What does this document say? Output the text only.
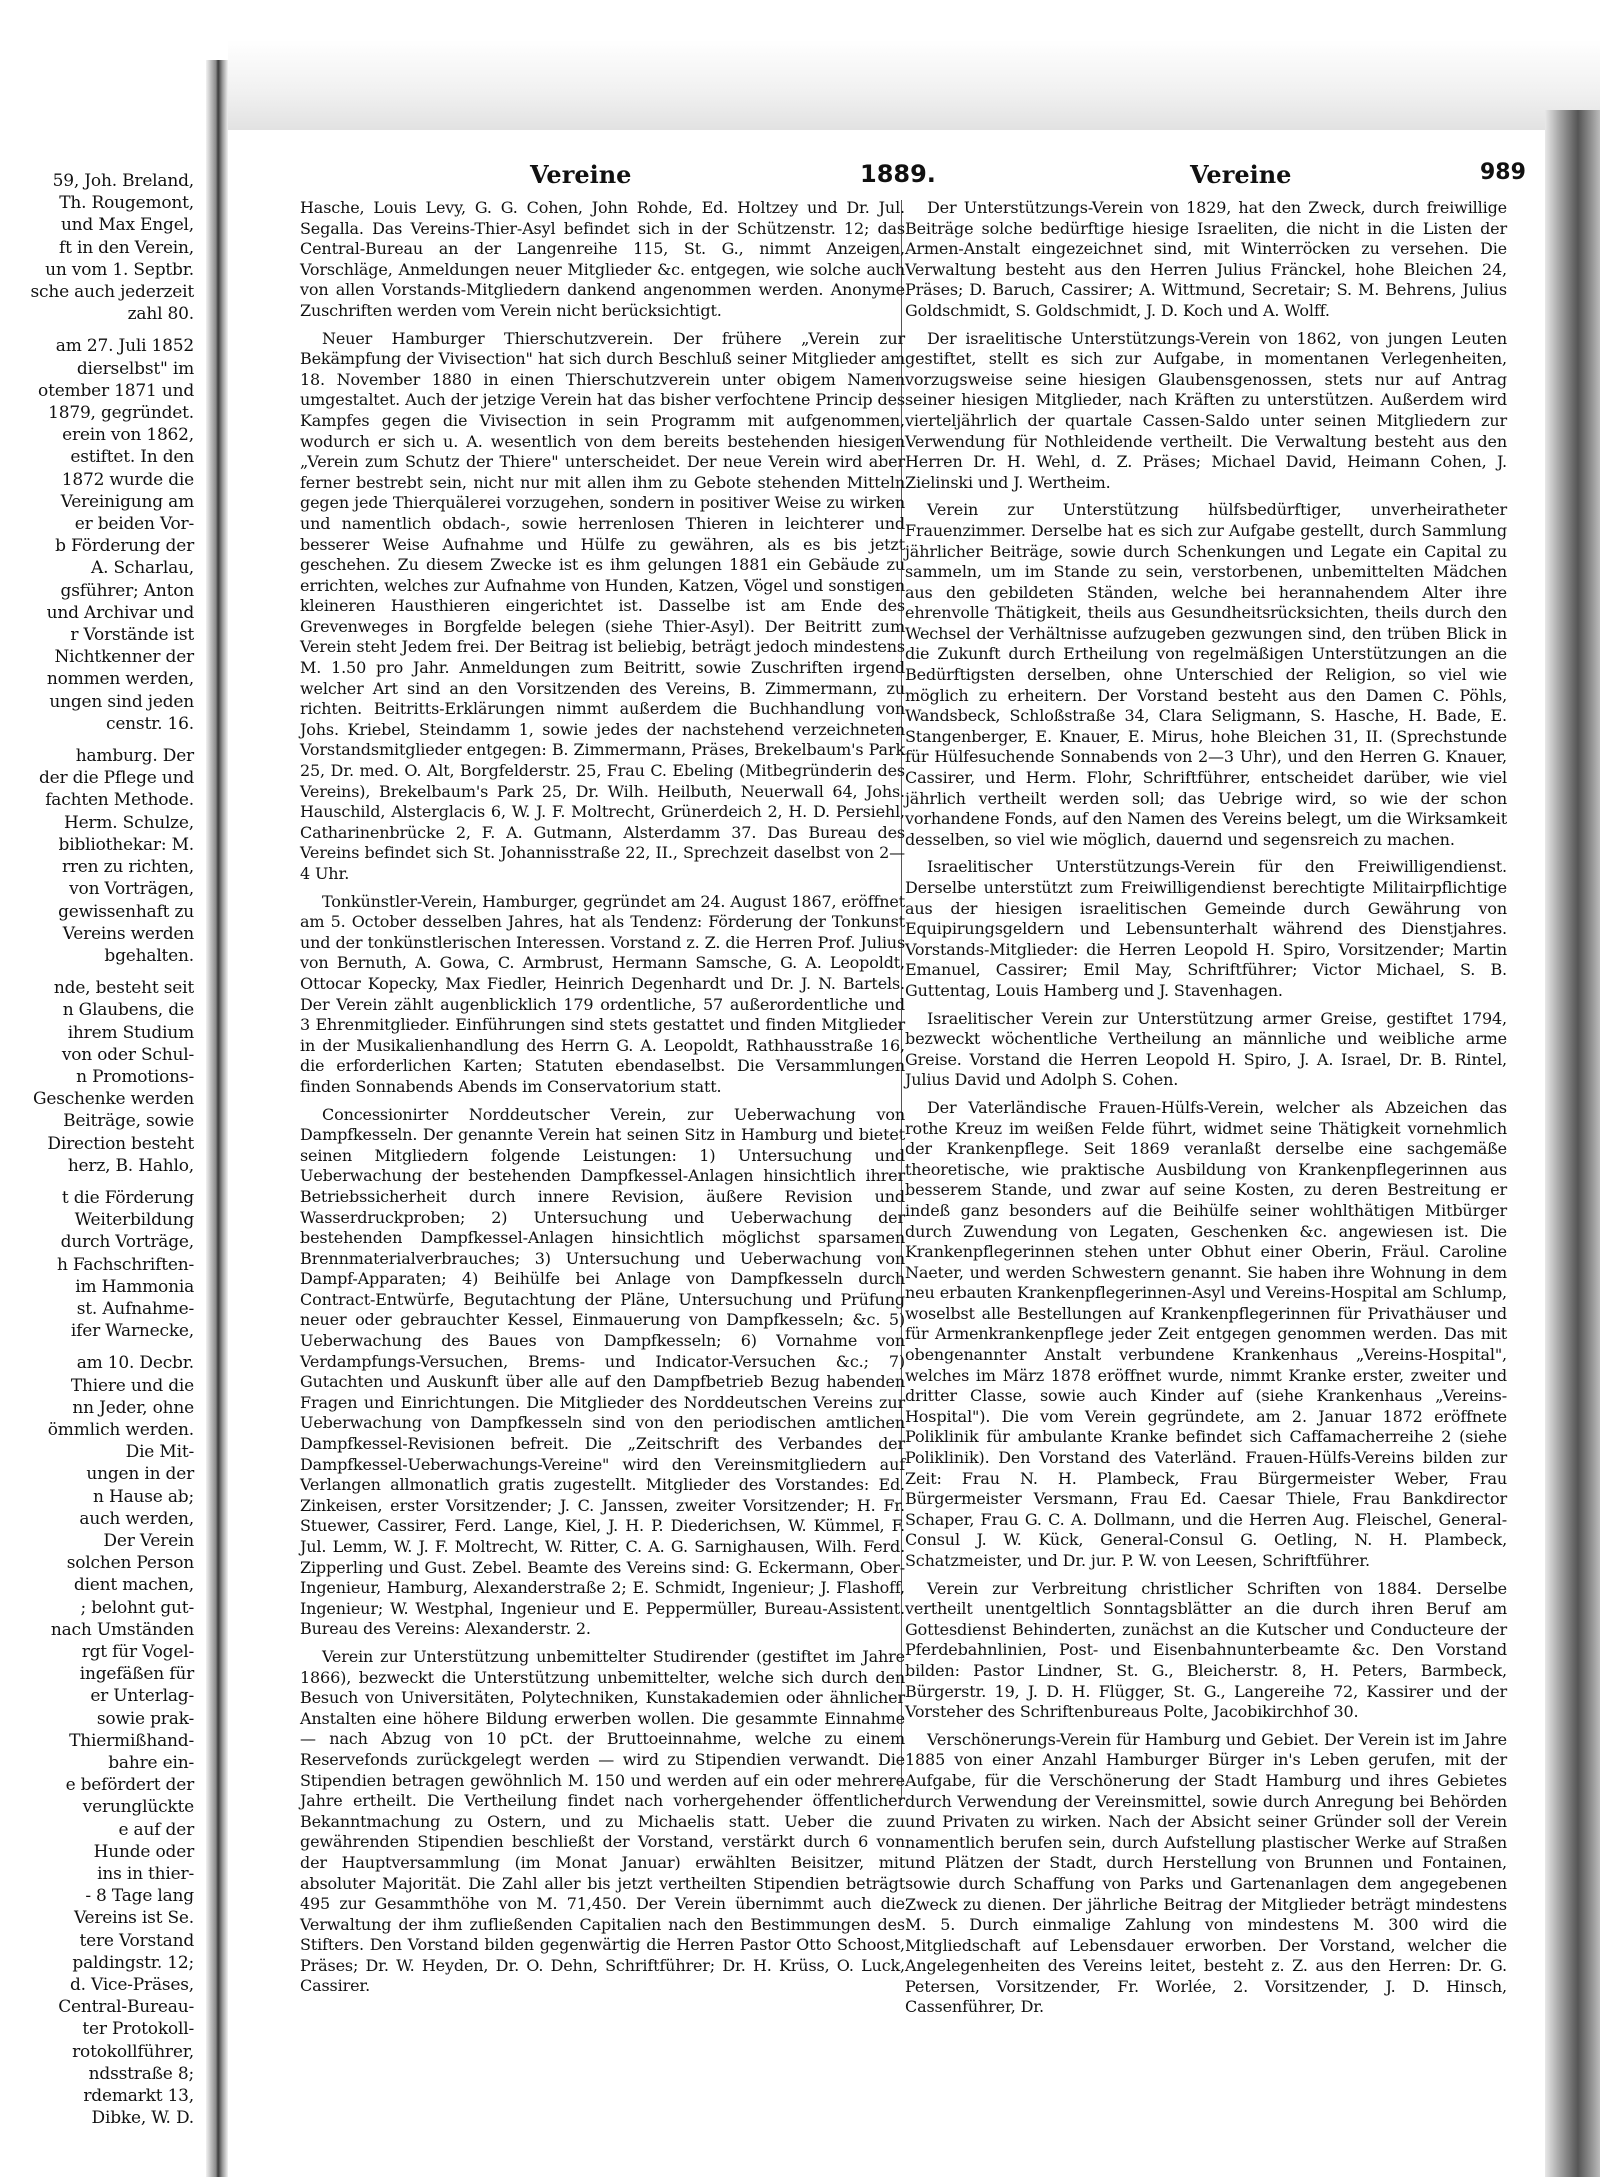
59, Joh. Breland,

Th. Rougemont,

und Max Engel,

ft in den Verein,

un vom 1. Septbr.

sche auch jederzeit

zahl 80.

am 27. Juli 1852

dierselbst" im

otember 1871 und

1879, gegründet.

erein von 1862,

estiftet. In den

1872 wurde die

Vereinigung am

er beiden Vor-

b Förderung der

A. Scharlau,

gsführer; Anton

und Archivar und

r Vorstände ist

Nichtkenner der

nommen werden,

ungen sind jeden

censtr. 16.

hamburg. Der

der die Pflege und

fachten Methode.

Herm. Schulze,

bibliothekar: M.

rren zu richten,

von Vorträgen,

gewissenhaft zu

Vereins werden

bgehalten.

nde, besteht seit

n Glaubens, die

ihrem Studium

von oder Schul-

n Promotions-

Geschenke werden

Beiträge, sowie

Direction besteht

herz, B. Hahlo,

t die Förderung

Weiterbildung

durch Vorträge,

h Fachschriften-

im Hammonia

st. Aufnahme-

ifer Warnecke,

am 10. Decbr.

Thiere und die

nn Jeder, ohne

ömmlich werden.

Die Mit-

ungen in der

n Hause ab;

auch werden,

Der Verein

solchen Person

dient machen,

; belohnt gut-

nach Umständen

rgt für Vogel-

ingefäßen für

er Unterlag-

sowie prak-

Thiermißhand-

bahre ein-

e befördert der

verunglückte

e auf der

Hunde oder

ins in thier-

- 8 Tage lang

Vereins ist Se.

tere Vorstand

paldingstr. 12;

d. Vice-Präses,

Central-Bureau-

ter Protokoll-

rotokollführer,

ndsstraße 8;

rdemarkt 13,

Dibke, W. D.

Vereine	1889.	Vereine	989

Hasche, Louis Levy, G. G. Cohen, John Rohde, Ed. Holtzey und Dr. Jul. Segalla. Das Vereins-Thier-Asyl befindet sich in der Schützenstr. 12; das Central-Bureau an der Langenreihe 115, St. G., nimmt Anzeigen, Vorschläge, Anmeldungen neuer Mitglieder &c. entgegen, wie solche auch von allen Vorstands-Mitgliedern dankend angenommen werden. Anonyme Zuschriften werden vom Verein nicht berücksichtigt.

Neuer Hamburger Thierschutzverein. Der frühere „Verein zur Bekämpfung der Vivisection" hat sich durch Beschluß seiner Mitglieder am 18. November 1880 in einen Thierschutzverein unter obigem Namen umgestaltet. Auch der jetzige Verein hat das bisher verfochtene Princip des Kampfes gegen die Vivisection in sein Programm mit aufgenommen, wodurch er sich u. A. wesentlich von dem bereits bestehenden hiesigen „Verein zum Schutz der Thiere" unterscheidet. Der neue Verein wird aber ferner bestrebt sein, nicht nur mit allen ihm zu Gebote stehenden Mitteln gegen jede Thierquälerei vorzugehen, sondern in positiver Weise zu wirken und namentlich obdach-, sowie herrenlosen Thieren in leichterer und besserer Weise Aufnahme und Hülfe zu gewähren, als es bis jetzt geschehen. Zu diesem Zwecke ist es ihm gelungen 1881 ein Gebäude zu errichten, welches zur Aufnahme von Hunden, Katzen, Vögel und sonstigen kleineren Hausthieren eingerichtet ist. Dasselbe ist am Ende des Grevenweges in Borgfelde belegen (siehe Thier-Asyl). Der Beitritt zum Verein steht Jedem frei. Der Beitrag ist beliebig, beträgt jedoch mindestens M. 1.50 pro Jahr. Anmeldungen zum Beitritt, sowie Zuschriften irgend welcher Art sind an den Vorsitzenden des Vereins, B. Zimmermann, zu richten. Beitritts-Erklärungen nimmt außerdem die Buchhandlung von Johs. Kriebel, Steindamm 1, sowie jedes der nachstehend verzeichneten Vorstandsmitglieder entgegen: B. Zimmermann, Präses, Brekelbaum's Park 25, Dr. med. O. Alt, Borgfelderstr. 25, Frau C. Ebeling (Mitbegründerin des Vereins), Brekelbaum's Park 25, Dr. Wilh. Heilbuth, Neuerwall 64, Johs. Hauschild, Alsterglacis 6, W. J. F. Moltrecht, Grünerdeich 2, H. D. Persiehl, Catharinenbrücke 2, F. A. Gutmann, Alsterdamm 37. Das Bureau des Vereins befindet sich St. Johannisstraße 22, II., Sprechzeit daselbst von 2—4 Uhr.

Tonkünstler-Verein, Hamburger, gegründet am 24. August 1867, eröffnet am 5. October desselben Jahres, hat als Tendenz: Förderung der Tonkunst und der tonkünstlerischen Interessen. Vorstand z. Z. die Herren Prof. Julius von Bernuth, A. Gowa, C. Armbrust, Hermann Samsche, G. A. Leopoldt, Ottocar Kopecky, Max Fiedler, Heinrich Degenhardt und Dr. J. N. Bartels. Der Verein zählt augenblicklich 179 ordentliche, 57 außerordentliche und 3 Ehrenmitglieder. Einführungen sind stets gestattet und finden Mitglieder in der Musikalienhandlung des Herrn G. A. Leopoldt, Rathhausstraße 16, die erforderlichen Karten; Statuten ebendaselbst. Die Versammlungen finden Sonnabends Abends im Conservatorium statt.

Concessionirter Norddeutscher Verein, zur Ueberwachung von Dampfkesseln. Der genannte Verein hat seinen Sitz in Hamburg und bietet seinen Mitgliedern folgende Leistungen: 1) Untersuchung und Ueberwachung der bestehenden Dampfkessel-Anlagen hinsichtlich ihrer Betriebssicherheit durch innere Revision, äußere Revision und Wasserdruckproben; 2) Untersuchung und Ueberwachung der bestehenden Dampfkessel-Anlagen hinsichtlich möglichst sparsamen Brennmaterialverbrauches; 3) Untersuchung und Ueberwachung von Dampf-Apparaten; 4) Beihülfe bei Anlage von Dampfkesseln durch Contract-Entwürfe, Begutachtung der Pläne, Untersuchung und Prüfung neuer oder gebrauchter Kessel, Einmauerung von Dampfkesseln; &c. 5) Ueberwachung des Baues von Dampfkesseln; 6) Vornahme von Verdampfungs-Versuchen, Brems- und Indicator-Versuchen &c.; 7) Gutachten und Auskunft über alle auf den Dampfbetrieb Bezug habenden Fragen und Einrichtungen. Die Mitglieder des Norddeutschen Vereins zur Ueberwachung von Dampfkesseln sind von den periodischen amtlichen Dampfkessel-Revisionen befreit. Die „Zeitschrift des Verbandes der Dampfkessel-Ueberwachungs-Vereine" wird den Vereinsmitgliedern auf Verlangen allmonatlich gratis zugestellt. Mitglieder des Vorstandes: Ed. Zinkeisen, erster Vorsitzender; J. C. Janssen, zweiter Vorsitzender; H. Fr. Stuewer, Cassirer, Ferd. Lange, Kiel, J. H. P. Diederichsen, W. Kümmel, F. Jul. Lemm, W. J. F. Moltrecht, W. Ritter, C. A. G. Sarnighausen, Wilh. Ferd. Zipperling und Gust. Zebel. Beamte des Vereins sind: G. Eckermann, Ober-Ingenieur, Hamburg, Alexanderstraße 2; E. Schmidt, Ingenieur; J. Flashoff, Ingenieur; W. Westphal, Ingenieur und E. Peppermüller, Bureau-Assistent. Bureau des Vereins: Alexanderstr. 2.

Verein zur Unterstützung unbemittelter Studirender (gestiftet im Jahre 1866), bezweckt die Unterstützung unbemittelter, welche sich durch den Besuch von Universitäten, Polytechniken, Kunstakademien oder ähnlicher Anstalten eine höhere Bildung erwerben wollen. Die gesammte Einnahme — nach Abzug von 10 pCt. der Bruttoeinnahme, welche zu einem Reservefonds zurückgelegt werden — wird zu Stipendien verwandt. Die Stipendien betragen gewöhnlich M. 150 und werden auf ein oder mehrere Jahre ertheilt. Die Vertheilung findet nach vorhergehender öffentlicher Bekanntmachung zu Ostern, und zu Michaelis statt. Ueber die zu gewährenden Stipendien beschließt der Vorstand, verstärkt durch 6 von der Hauptversammlung (im Monat Januar) erwählten Beisitzer, mit absoluter Majorität. Die Zahl aller bis jetzt vertheilten Stipendien beträgt 495 zur Gesammthöhe von M. 71,450. Der Verein übernimmt auch die Verwaltung der ihm zufließenden Capitalien nach den Bestimmungen des Stifters. Den Vorstand bilden gegenwärtig die Herren Pastor Otto Schoost, Präses; Dr. W. Heyden, Dr. O. Dehn, Schriftführer; Dr. H. Krüss, O. Luck, Cassirer.

Der Unterstützungs-Verein von 1829, hat den Zweck, durch freiwillige Beiträge solche bedürftige hiesige Israeliten, die nicht in die Listen der Armen-Anstalt eingezeichnet sind, mit Winterröcken zu versehen. Die Verwaltung besteht aus den Herren Julius Fränckel, hohe Bleichen 24, Präses; D. Baruch, Cassirer; A. Wittmund, Secretair; S. M. Behrens, Julius Goldschmidt, S. Goldschmidt, J. D. Koch und A. Wolff.

Der israelitische Unterstützungs-Verein von 1862, von jungen Leuten gestiftet, stellt es sich zur Aufgabe, in momentanen Verlegenheiten, vorzugsweise seine hiesigen Glaubensgenossen, stets nur auf Antrag seiner hiesigen Mitglieder, nach Kräften zu unterstützen. Außerdem wird vierteljährlich der quartale Cassen-Saldo unter seinen Mitgliedern zur Verwendung für Nothleidende vertheilt. Die Verwaltung besteht aus den Herren Dr. H. Wehl, d. Z. Präses; Michael David, Heimann Cohen, J. Zielinski und J. Wertheim.

Verein zur Unterstützung hülfsbedürftiger, unverheiratheter Frauenzimmer. Derselbe hat es sich zur Aufgabe gestellt, durch Sammlung jährlicher Beiträge, sowie durch Schenkungen und Legate ein Capital zu sammeln, um im Stande zu sein, verstorbenen, unbemittelten Mädchen aus den gebildeten Ständen, welche bei herannahendem Alter ihre ehrenvolle Thätigkeit, theils aus Gesundheitsrücksichten, theils durch den Wechsel der Verhältnisse aufzugeben gezwungen sind, den trüben Blick in die Zukunft durch Ertheilung von regelmäßigen Unterstützungen an die Bedürftigsten derselben, ohne Unterschied der Religion, so viel wie möglich zu erheitern. Der Vorstand besteht aus den Damen C. Pöhls, Wandsbeck, Schloßstraße 34, Clara Seligmann, S. Hasche, H. Bade, E. Stangenberger, E. Knauer, E. Mirus, hohe Bleichen 31, II. (Sprechstunde für Hülfesuchende Sonnabends von 2—3 Uhr), und den Herren G. Knauer, Cassirer, und Herm. Flohr, Schriftführer, entscheidet darüber, wie viel jährlich vertheilt werden soll; das Uebrige wird, so wie der schon vorhandene Fonds, auf den Namen des Vereins belegt, um die Wirksamkeit desselben, so viel wie möglich, dauernd und segensreich zu machen.

Israelitischer Unterstützungs-Verein für den Freiwilligendienst. Derselbe unterstützt zum Freiwilligendienst berechtigte Militairpflichtige aus der hiesigen israelitischen Gemeinde durch Gewährung von Equipirungsgeldern und Lebensunterhalt während des Dienstjahres. Vorstands-Mitglieder: die Herren Leopold H. Spiro, Vorsitzender; Martin Emanuel, Cassirer; Emil May, Schriftführer; Victor Michael, S. B. Guttentag, Louis Hamberg und J. Stavenhagen.

Israelitischer Verein zur Unterstützung armer Greise, gestiftet 1794, bezweckt wöchentliche Vertheilung an männliche und weibliche arme Greise. Vorstand die Herren Leopold H. Spiro, J. A. Israel, Dr. B. Rintel, Julius David und Adolph S. Cohen.

Der Vaterländische Frauen-Hülfs-Verein, welcher als Abzeichen das rothe Kreuz im weißen Felde führt, widmet seine Thätigkeit vornehmlich der Krankenpflege. Seit 1869 veranlaßt derselbe eine sachgemäße theoretische, wie praktische Ausbildung von Krankenpflegerinnen aus besserem Stande, und zwar auf seine Kosten, zu deren Bestreitung er indeß ganz besonders auf die Beihülfe seiner wohlthätigen Mitbürger durch Zuwendung von Legaten, Geschenken &c. angewiesen ist. Die Krankenpflegerinnen stehen unter Obhut einer Oberin, Fräul. Caroline Naeter, und werden Schwestern genannt. Sie haben ihre Wohnung in dem neu erbauten Krankenpflegerinnen-Asyl und Vereins-Hospital am Schlump, woselbst alle Bestellungen auf Krankenpflegerinnen für Privathäuser und für Armenkrankenpflege jeder Zeit entgegen genommen werden. Das mit obengenannter Anstalt verbundene Krankenhaus „Vereins-Hospital", welches im März 1878 eröffnet wurde, nimmt Kranke erster, zweiter und dritter Classe, sowie auch Kinder auf (siehe Krankenhaus „Vereins-Hospital"). Die vom Verein gegründete, am 2. Januar 1872 eröffnete Poliklinik für ambulante Kranke befindet sich Caffamacherreihe 2 (siehe Poliklinik). Den Vorstand des Vaterländ. Frauen-Hülfs-Vereins bilden zur Zeit: Frau N. H. Plambeck, Frau Bürgermeister Weber, Frau Bürgermeister Versmann, Frau Ed. Caesar Thiele, Frau Bankdirector Schaper, Frau G. C. A. Dollmann, und die Herren Aug. Fleischel, General-Consul J. W. Kück, General-Consul G. Oetling, N. H. Plambeck, Schatzmeister, und Dr. jur. P. W. von Leesen, Schriftführer.

Verein zur Verbreitung christlicher Schriften von 1884. Derselbe vertheilt unentgeltlich Sonntagsblätter an die durch ihren Beruf am Gottesdienst Behinderten, zunächst an die Kutscher und Conducteure der Pferdebahnlinien, Post- und Eisenbahnunterbeamte &c. Den Vorstand bilden: Pastor Lindner, St. G., Bleicherstr. 8, H. Peters, Barmbeck, Bürgerstr. 19, J. D. H. Flügger, St. G., Langereihe 72, Kassirer und der Vorsteher des Schriftenbureaus Polte, Jacobikirchhof 30.

Verschönerungs-Verein für Hamburg und Gebiet. Der Verein ist im Jahre 1885 von einer Anzahl Hamburger Bürger in's Leben gerufen, mit der Aufgabe, für die Verschönerung der Stadt Hamburg und ihres Gebietes durch Verwendung der Vereinsmittel, sowie durch Anregung bei Behörden und Privaten zu wirken. Nach der Absicht seiner Gründer soll der Verein namentlich berufen sein, durch Aufstellung plastischer Werke auf Straßen und Plätzen der Stadt, durch Herstellung von Brunnen und Fontainen, sowie durch Schaffung von Parks und Gartenanlagen dem angegebenen Zweck zu dienen. Der jährliche Beitrag der Mitglieder beträgt mindestens M. 5. Durch einmalige Zahlung von mindestens M. 300 wird die Mitgliedschaft auf Lebensdauer erworben. Der Vorstand, welcher die Angelegenheiten des Vereins leitet, besteht z. Z. aus den Herren: Dr. G. Petersen, Vorsitzender, Fr. Worlée, 2. Vorsitzender, J. D. Hinsch, Cassenführer, Dr.
